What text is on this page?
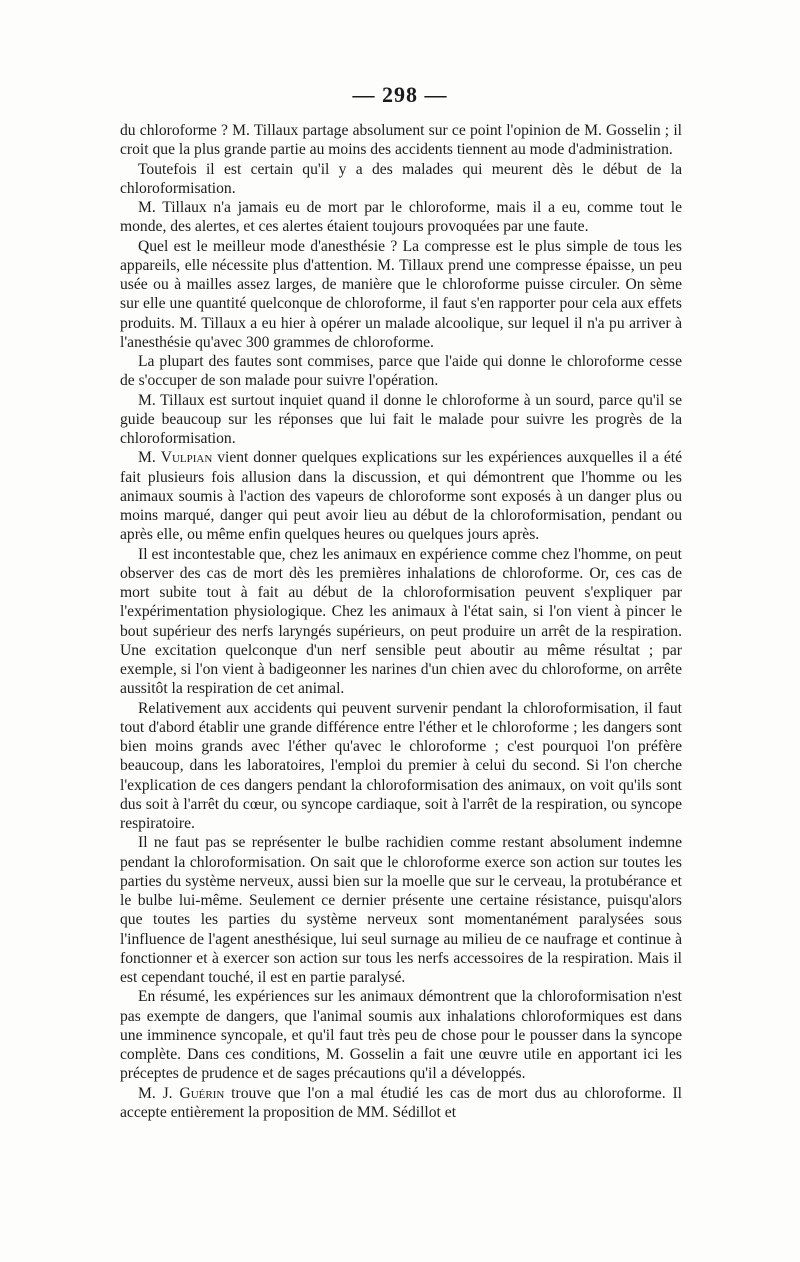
— 298 —

du chloroforme ? M. Tillaux partage absolument sur ce point l'opinion de M. Gosselin ; il croit que la plus grande partie au moins des accidents tiennent au mode d'administration.

Toutefois il est certain qu'il y a des malades qui meurent dès le début de la chloroformisation.

M. Tillaux n'a jamais eu de mort par le chloroforme, mais il a eu, comme tout le monde, des alertes, et ces alertes étaient toujours provoquées par une faute.

Quel est le meilleur mode d'anesthésie ? La compresse est le plus simple de tous les appareils, elle nécessite plus d'attention. M. Tillaux prend une compresse épaisse, un peu usée ou à mailles assez larges, de manière que le chloroforme puisse circuler. On sème sur elle une quantité quelconque de chloroforme, il faut s'en rapporter pour cela aux effets produits. M. Tillaux a eu hier à opérer un malade alcoolique, sur lequel il n'a pu arriver à l'anesthésie qu'avec 300 grammes de chloroforme.

La plupart des fautes sont commises, parce que l'aide qui donne le chloroforme cesse de s'occuper de son malade pour suivre l'opération.

M. Tillaux est surtout inquiet quand il donne le chloroforme à un sourd, parce qu'il se guide beaucoup sur les réponses que lui fait le malade pour suivre les progrès de la chloroformisation.

M. Vulpian vient donner quelques explications sur les expériences auxquelles il a été fait plusieurs fois allusion dans la discussion, et qui démontrent que l'homme ou les animaux soumis à l'action des vapeurs de chloroforme sont exposés à un danger plus ou moins marqué, danger qui peut avoir lieu au début de la chloroformisation, pendant ou après elle, ou même enfin quelques heures ou quelques jours après.

Il est incontestable que, chez les animaux en expérience comme chez l'homme, on peut observer des cas de mort dès les premières inhalations de chloroforme. Or, ces cas de mort subite tout à fait au début de la chloroformisation peuvent s'expliquer par l'expérimentation physiologique. Chez les animaux à l'état sain, si l'on vient à pincer le bout supérieur des nerfs laryngés supérieurs, on peut produire un arrêt de la respiration. Une excitation quelconque d'un nerf sensible peut aboutir au même résultat ; par exemple, si l'on vient à badigeonner les narines d'un chien avec du chloroforme, on arrête aussitôt la respiration de cet animal.

Relativement aux accidents qui peuvent survenir pendant la chloroformisation, il faut tout d'abord établir une grande différence entre l'éther et le chloroforme ; les dangers sont bien moins grands avec l'éther qu'avec le chloroforme ; c'est pourquoi l'on préfère beaucoup, dans les laboratoires, l'emploi du premier à celui du second. Si l'on cherche l'explication de ces dangers pendant la chloroformisation des animaux, on voit qu'ils sont dus soit à l'arrêt du cœur, ou syncope cardiaque, soit à l'arrêt de la respiration, ou syncope respiratoire.

Il ne faut pas se représenter le bulbe rachidien comme restant absolument indemne pendant la chloroformisation. On sait que le chloroforme exerce son action sur toutes les parties du système nerveux, aussi bien sur la moelle que sur le cerveau, la protubérance et le bulbe lui-même. Seulement ce dernier présente une certaine résistance, puisqu'alors que toutes les parties du système nerveux sont momentanément paralysées sous l'influence de l'agent anesthésique, lui seul surnage au milieu de ce naufrage et continue à fonctionner et à exercer son action sur tous les nerfs accessoires de la respiration. Mais il est cependant touché, il est en partie paralysé.

En résumé, les expériences sur les animaux démontrent que la chloroformisation n'est pas exempte de dangers, que l'animal soumis aux inhalations chloroformiques est dans une imminence syncopale, et qu'il faut très peu de chose pour le pousser dans la syncope complète. Dans ces conditions, M. Gosselin a fait une œuvre utile en apportant ici les préceptes de prudence et de sages précautions qu'il a développés.

M. J. Guérin trouve que l'on a mal étudié les cas de mort dus au chloroforme. Il accepte entièrement la proposition de MM. Sédillot et
